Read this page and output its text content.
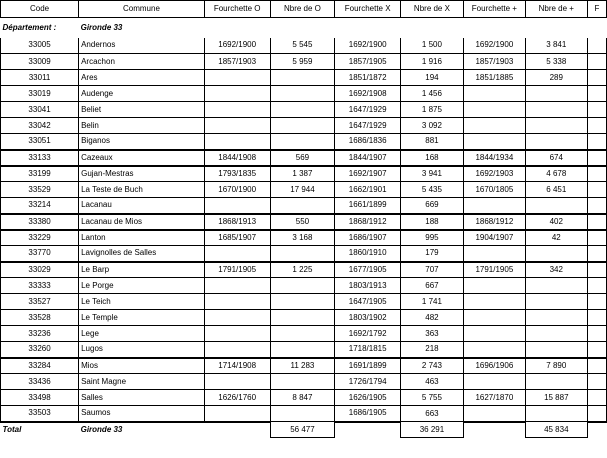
Code	Commune	Fourchette O	Nbre de O	Fourchette X	Nbre de X	Fourchette +	Nbre de +	F
Département :	Gironde 33							
33005	Andernos	1692/1900	5 545	1692/1900	1 500	1692/1900	3 841	
33009	Arcachon	1857/1903	5 959	1857/1905	1 916	1857/1903	5 338	
33011	Ares			1851/1872	194	1851/1885	289	
33019	Audenge			1692/1908	1 456			
33041	Beliet			1647/1929	1 875			
33042	Belin			1647/1929	3 092			
33051	Biganos			1686/1836	881			
33133	Cazeaux	1844/1908	569	1844/1907	168	1844/1934	674	
33199	Gujan-Mestras	1793/1835	1 387	1692/1907	3 941	1692/1903	4 678	
33529	La Teste de Buch	1670/1900	17 944	1662/1901	5 435	1670/1805	6 451	
33214	Lacanau			1661/1899	669			
33380	Lacanau de Mios	1868/1913	550	1868/1912	188	1868/1912	402	
33229	Lanton	1685/1907	3 168	1686/1907	995	1904/1907	42	
33770	Lavignolles de Salles			1860/1910	179			
33029	Le Barp	1791/1905	1 225	1677/1905	707	1791/1905	342	
33333	Le Porge			1803/1913	667			
33527	Le Teich			1647/1905	1 741			
33528	Le Temple			1803/1902	482			
33236	Lege			1692/1792	363			
33260	Lugos			1718/1815	218			
33284	Mios	1714/1908	11 283	1691/1899	2 743	1696/1906	7 890	
33436	Saint Magne			1726/1794	463			
33498	Salles	1626/1760	8 847	1626/1905	5 755	1627/1870	15 887	
33503	Saumos			1686/1905	663			
Total	Gironde 33		56 477		36 291		45 834	
